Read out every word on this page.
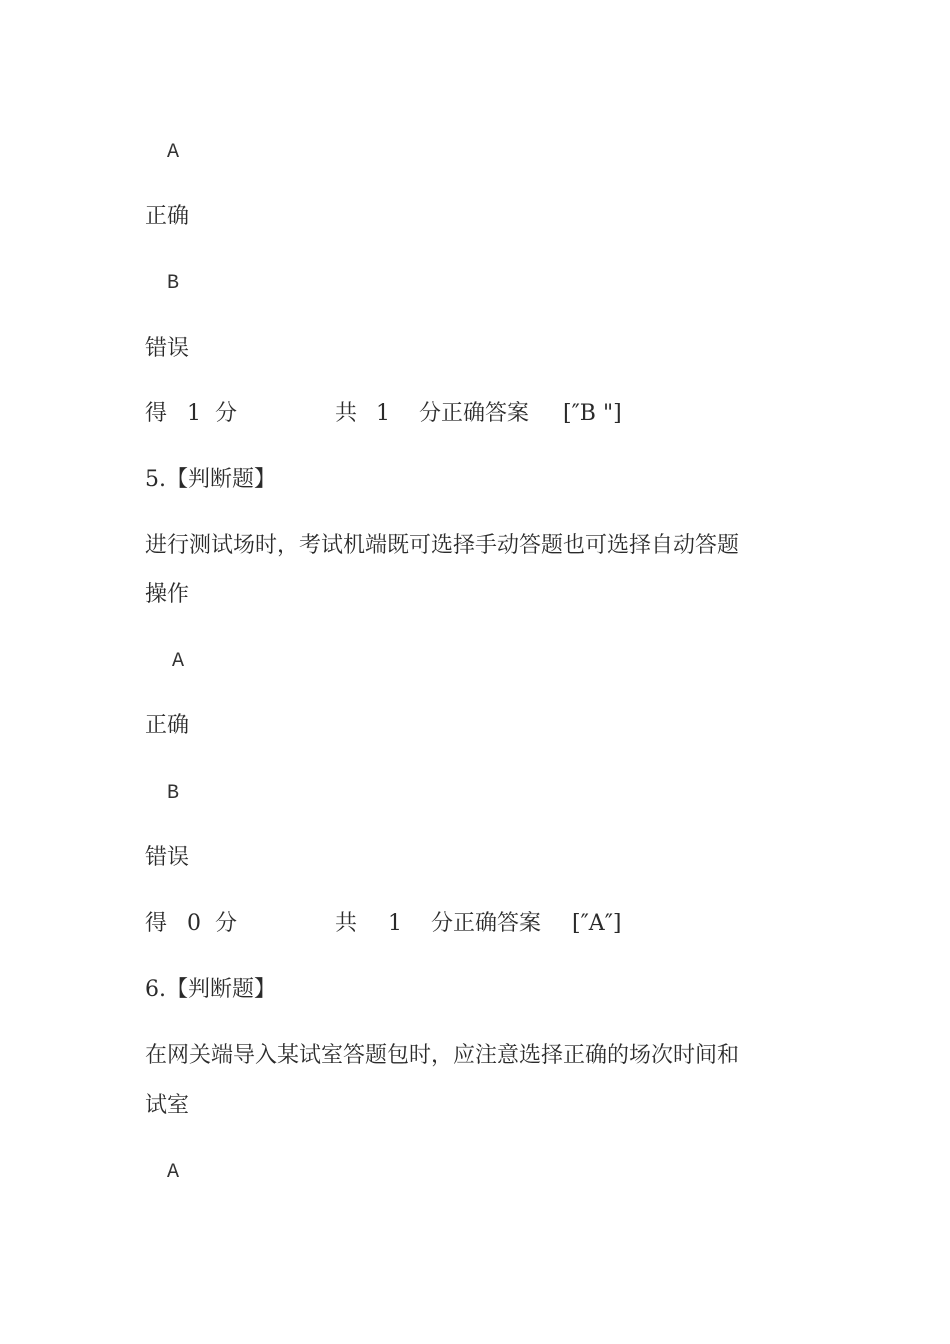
A
正确
B
错误
得 1 分	共 1 分正确答案 [″B "]
5.【判断题】
进行测试场时，考试机端既可选择手动答题也可选择自动答题
操作
A
正确
B
错误
得 0 分	共 1 分正确答案 [″A″]
6.【判断题】
在网关端导入某试室答题包时，应注意选择正确的场次时间和
试室
A
